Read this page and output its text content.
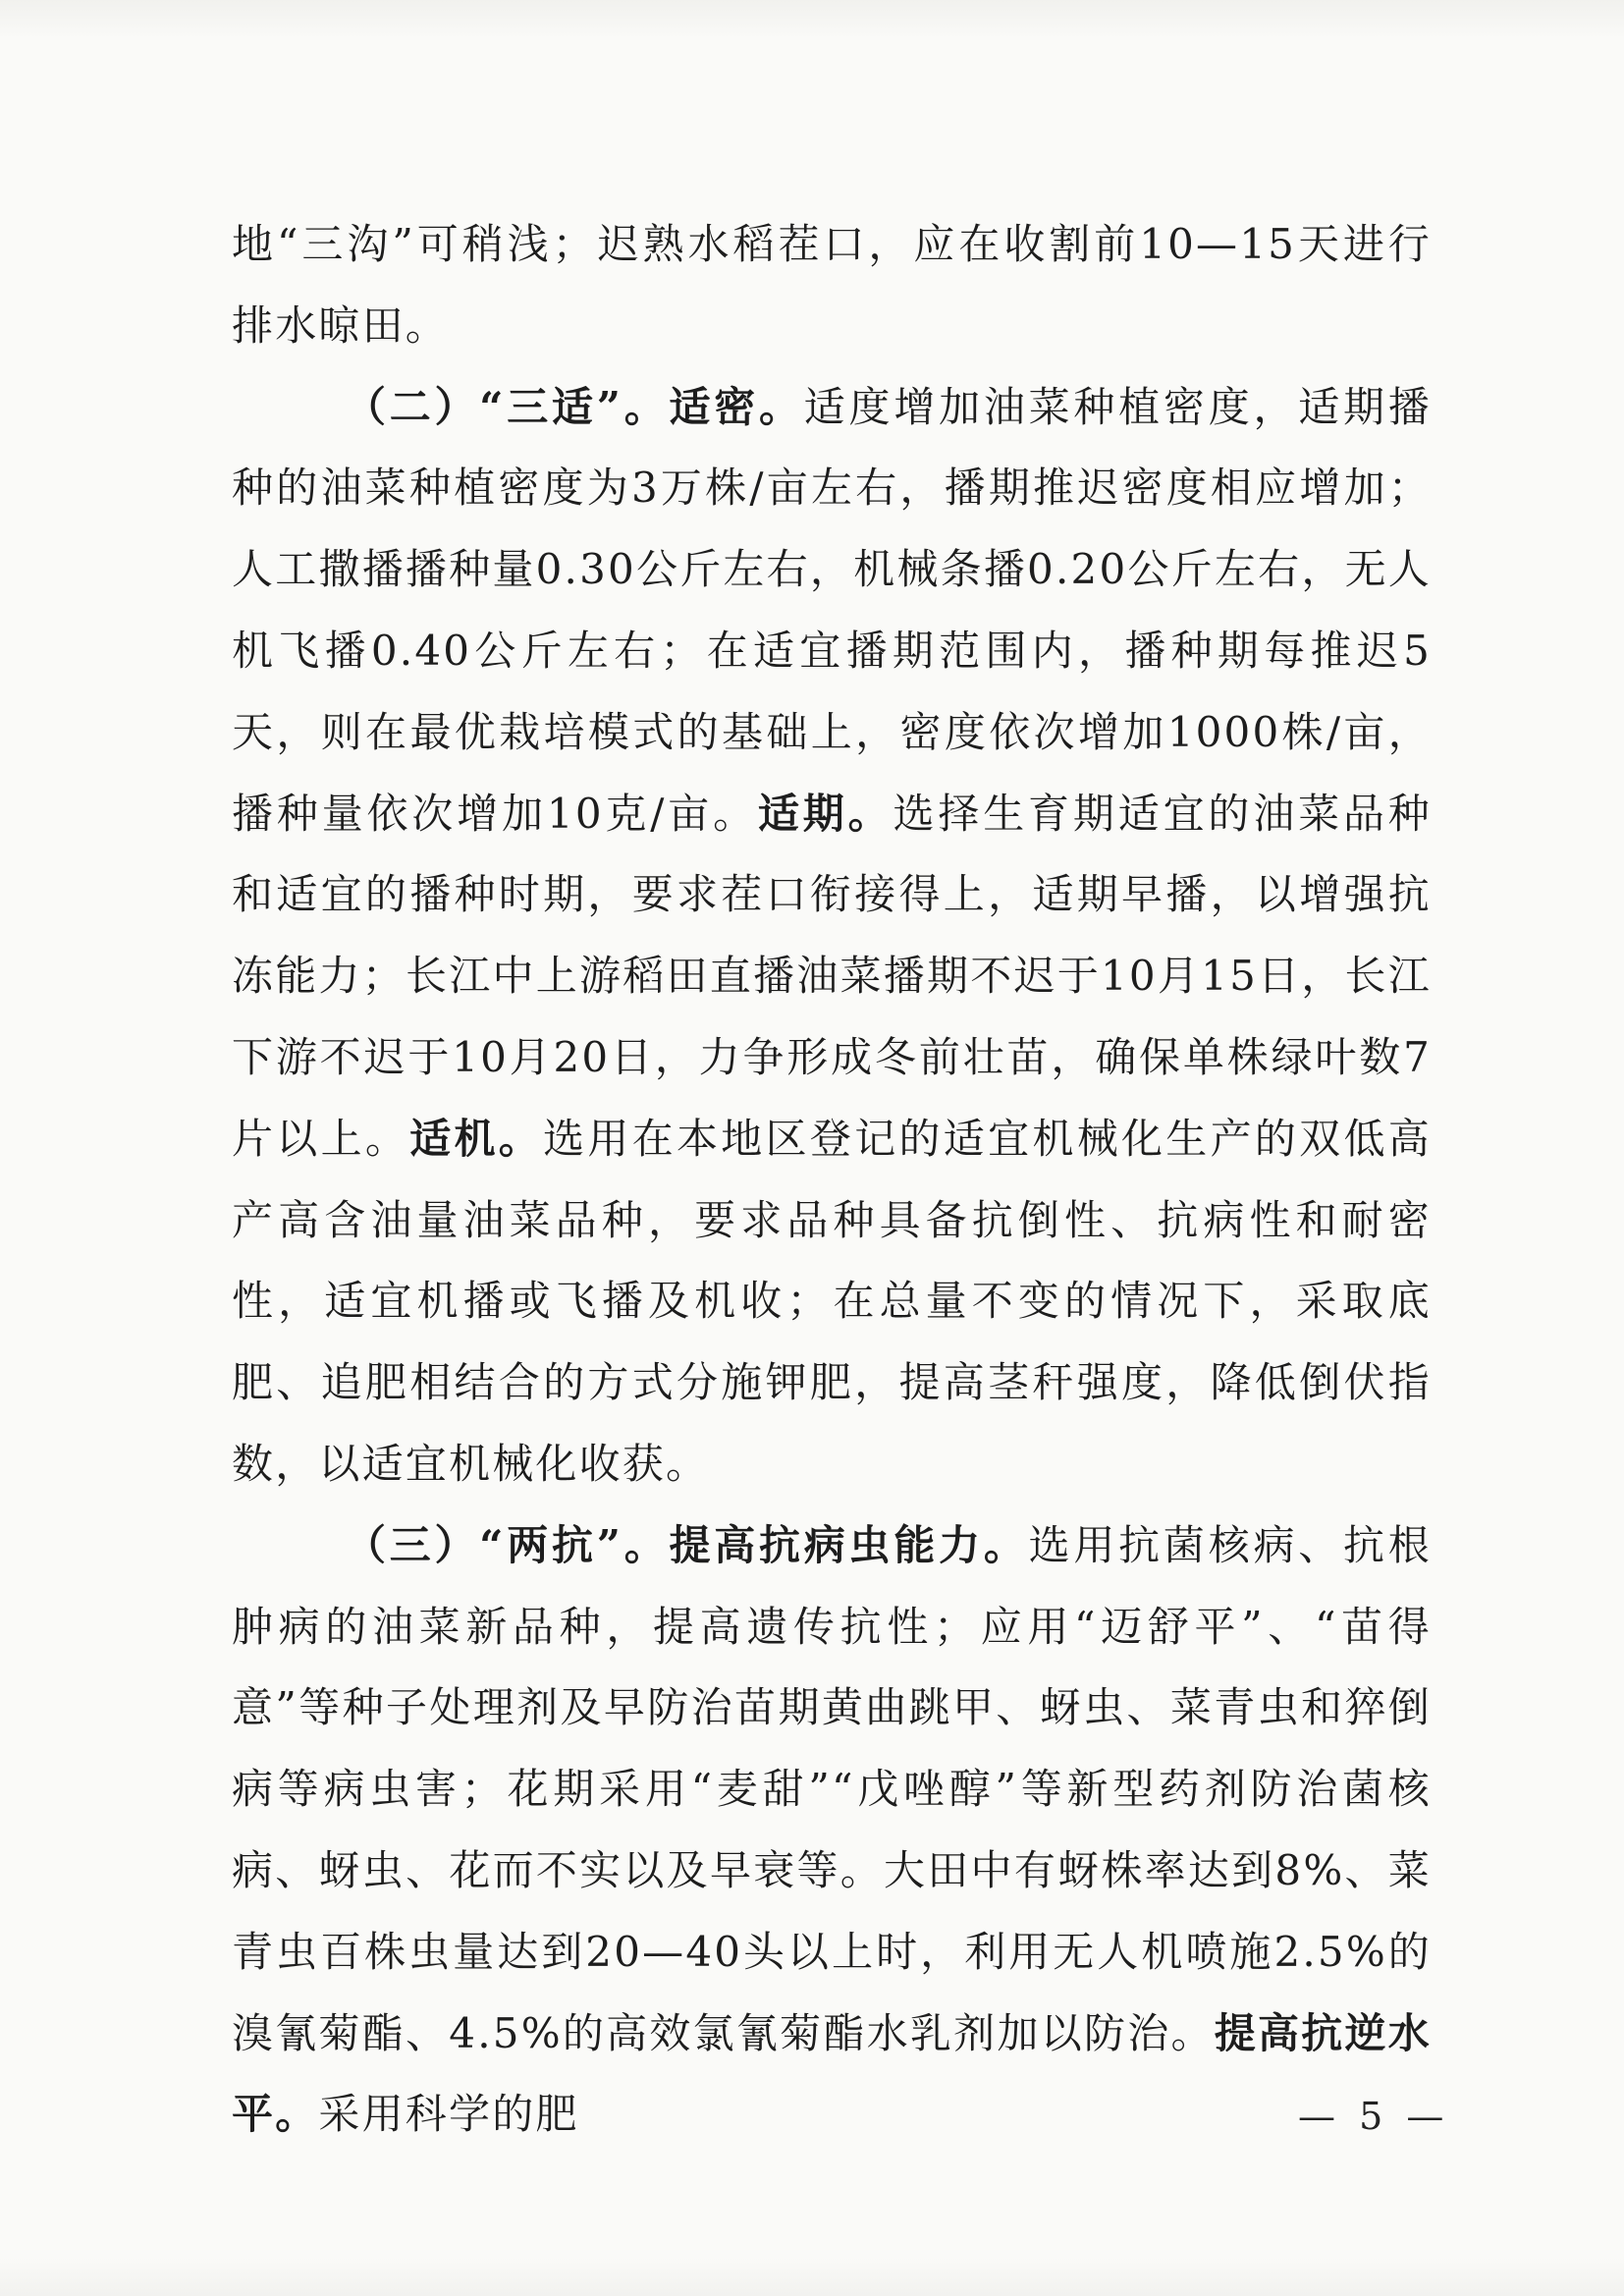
地“三沟”可稍浅；迟熟水稻茬口，应在收割前10—15天进行排水晾田。

（二）“三适”。适密。适度增加油菜种植密度，适期播种的油菜种植密度为3万株/亩左右，播期推迟密度相应增加；人工撒播播种量0.30公斤左右，机械条播0.20公斤左右，无人机飞播0.40公斤左右；在适宜播期范围内，播种期每推迟5天，则在最优栽培模式的基础上，密度依次增加1000株/亩，播种量依次增加10克/亩。适期。选择生育期适宜的油菜品种和适宜的播种时期，要求茬口衔接得上，适期早播，以增强抗冻能力；长江中上游稻田直播油菜播期不迟于10月15日，长江下游不迟于10月20日，力争形成冬前壮苗，确保单株绿叶数7片以上。适机。选用在本地区登记的适宜机械化生产的双低高产高含油量油菜品种，要求品种具备抗倒性、抗病性和耐密性，适宜机播或飞播及机收；在总量不变的情况下，采取底肥、追肥相结合的方式分施钾肥，提高茎秆强度，降低倒伏指数，以适宜机械化收获。

（三）“两抗”。提高抗病虫能力。选用抗菌核病、抗根肿病的油菜新品种，提高遗传抗性；应用“迈舒平”、“苗得意”等种子处理剂及早防治苗期黄曲跳甲、蚜虫、菜青虫和猝倒病等病虫害；花期采用“麦甜”“戊唑醇”等新型药剂防治菌核病、蚜虫、花而不实以及早衰等。大田中有蚜株率达到8%、菜青虫百株虫量达到20—40头以上时，利用无人机喷施2.5%的溴氰菊酯、4.5%的高效氯氰菊酯水乳剂加以防治。提高抗逆水平。采用科学的肥	— 5 —
